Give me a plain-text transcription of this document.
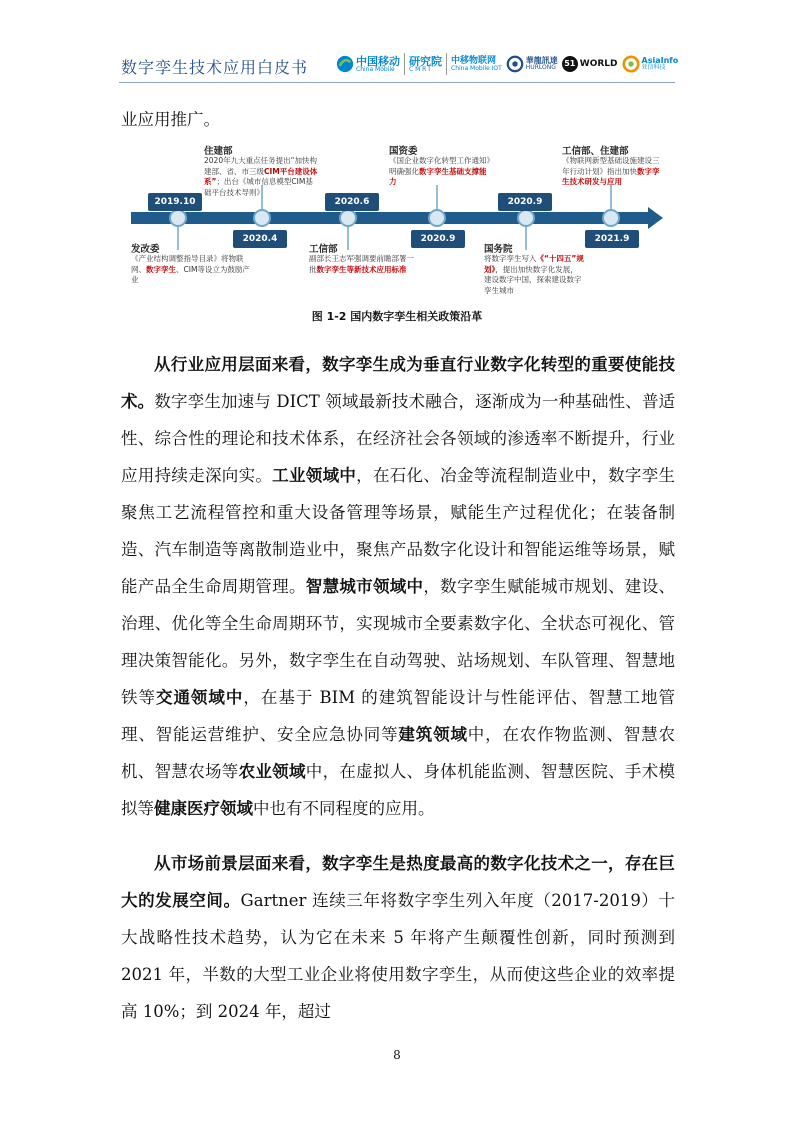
数字孪生技术应用白皮书	中国移动
China Mobile
研究院
C M R I
中移物联网
China Mobile IOT
華龍訊達
HURLONG	51 WORLD	AsiaInfo
亚信科技
业应用推广。
2019.10
发改委
《产业结构调整指导目录》将物联网、数字孪生、CIM等设立为鼓励产业
2020.4
住建部
2020年九大重点任务提出“加快构建部、省、市三级CIM平台建设体系”；出台《城市信息模型CIM基础平台技术导则》
2020.6
工信部
副部长王志军强调要前瞻部署一批数字孪生等新技术应用标准
2020.9
国资委
《国企业数字化转型工作通知》明确强化数字孪生基础支撑能力
2020.9
国务院
将数字孪生写入《“十四五”规划》，提出加快数字化发展，建设数字中国，探索建设数字孪生城市
2021.9
工信部、住建部
《物联网新型基础设施建设三年行动计划》指出加快数字孪生技术研发与应用
图 1-2 国内数字孪生相关政策沿革
从行业应用层面来看，数字孪生成为垂直行业数字化转型的重要使能技术。数字孪生加速与 DICT 领域最新技术融合，逐渐成为一种基础性、普适性、综合性的理论和技术体系，在经济社会各领域的渗透率不断提升，行业应用持续走深向实。工业领域中，在石化、冶金等流程制造业中，数字孪生聚焦工艺流程管控和重大设备管理等场景，赋能生产过程优化；在装备制造、汽车制造等离散制造业中，聚焦产品数字化设计和智能运维等场景，赋能产品全生命周期管理。智慧城市领域中，数字孪生赋能城市规划、建设、治理、优化等全生命周期环节，实现城市全要素数字化、全状态可视化、管理决策智能化。另外，数字孪生在自动驾驶、站场规划、车队管理、智慧地铁等交通领域中，在基于 BIM 的建筑智能设计与性能评估、智慧工地管理、智能运营维护、安全应急协同等建筑领域中，在农作物监测、智慧农机、智慧农场等农业领域中，在虚拟人、身体机能监测、智慧医院、手术模拟等健康医疗领域中也有不同程度的应用。
从市场前景层面来看，数字孪生是热度最高的数字化技术之一，存在巨大的发展空间。Gartner 连续三年将数字孪生列入年度（2017-2019）十大战略性技术趋势，认为它在未来 5 年将产生颠覆性创新，同时预测到 2021 年，半数的大型工业企业将使用数字孪生，从而使这些企业的效率提高 10%；到 2024 年，超过
8
